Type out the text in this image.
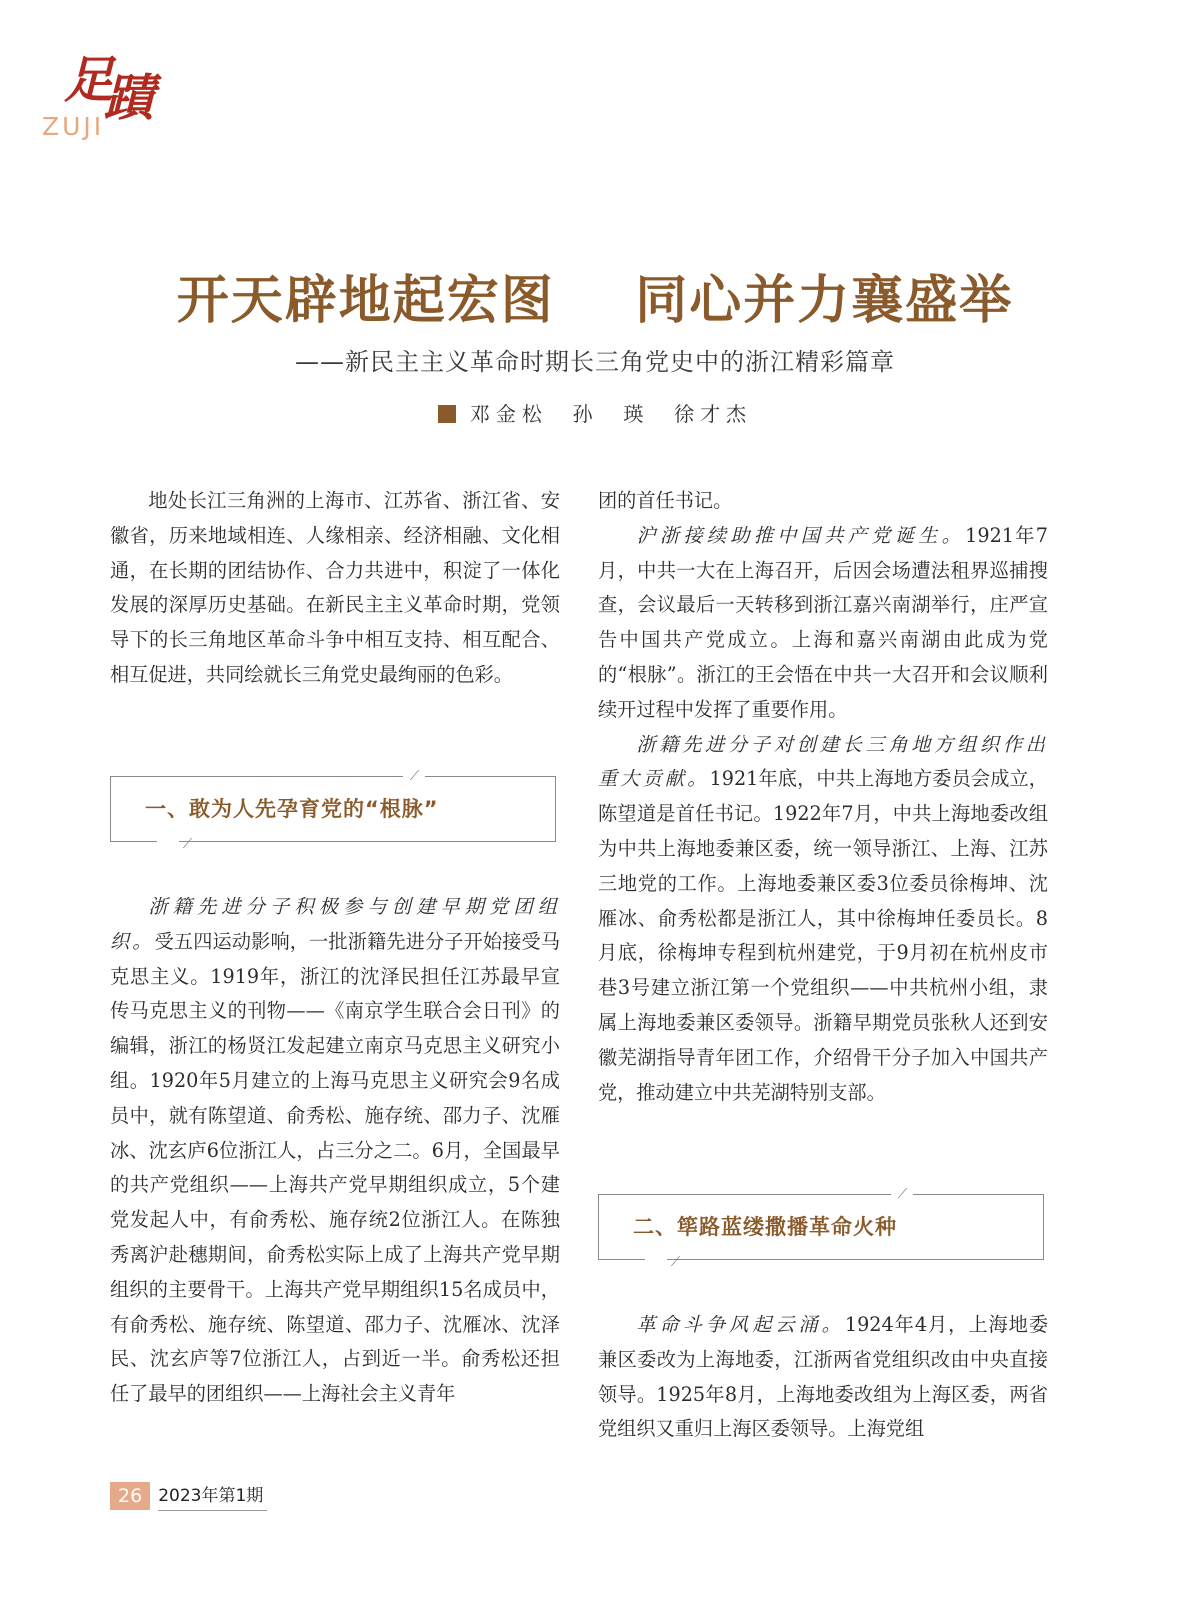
足蹟
ZUJI
开天辟地起宏图    同心并力襄盛举
——新民主主义革命时期长三角党史中的浙江精彩篇章
邓金松  孙  瑛  徐才杰

地处长江三角洲的上海市、江苏省、浙江省、安徽省，历来地域相连、人缘相亲、经济相融、文化相通，在长期的团结协作、合力共进中，积淀了一体化发展的深厚历史基础。在新民主主义革命时期，党领导下的长三角地区革命斗争中相互支持、相互配合、相互促进，共同绘就长三角党史最绚丽的色彩。

一、敢为人先孕育党的“根脉”

浙籍先进分子积极参与创建早期党团组织。受五四运动影响，一批浙籍先进分子开始接受马克思主义。1919年，浙江的沈泽民担任江苏最早宣传马克思主义的刊物——《南京学生联合会日刊》的编辑，浙江的杨贤江发起建立南京马克思主义研究小组。1920年5月建立的上海马克思主义研究会9名成员中，就有陈望道、俞秀松、施存统、邵力子、沈雁冰、沈玄庐6位浙江人，占三分之二。6月，全国最早的共产党组织——上海共产党早期组织成立，5个建党发起人中，有俞秀松、施存统2位浙江人。在陈独秀离沪赴穗期间，俞秀松实际上成了上海共产党早期组织的主要骨干。上海共产党早期组织15名成员中，有俞秀松、施存统、陈望道、邵力子、沈雁冰、沈泽民、沈玄庐等7位浙江人，占到近一半。俞秀松还担任了最早的团组织——上海社会主义青年

团的首任书记。

沪浙接续助推中国共产党诞生。1921年7月，中共一大在上海召开，后因会场遭法租界巡捕搜查，会议最后一天转移到浙江嘉兴南湖举行，庄严宣告中国共产党成立。上海和嘉兴南湖由此成为党的“根脉”。浙江的王会悟在中共一大召开和会议顺利续开过程中发挥了重要作用。

浙籍先进分子对创建长三角地方组织作出重大贡献。1921年底，中共上海地方委员会成立，陈望道是首任书记。1922年7月，中共上海地委改组为中共上海地委兼区委，统一领导浙江、上海、江苏三地党的工作。上海地委兼区委3位委员徐梅坤、沈雁冰、俞秀松都是浙江人，其中徐梅坤任委员长。8月底，徐梅坤专程到杭州建党，于9月初在杭州皮市巷3号建立浙江第一个党组织——中共杭州小组，隶属上海地委兼区委领导。浙籍早期党员张秋人还到安徽芜湖指导青年团工作，介绍骨干分子加入中国共产党，推动建立中共芜湖特别支部。

二、筚路蓝缕撒播革命火种

革命斗争风起云涌。1924年4月，上海地委兼区委改为上海地委，江浙两省党组织改由中央直接领导。1925年8月，上海地委改组为上海区委，两省党组织又重归上海区委领导。上海党组

26 2023年第1期
